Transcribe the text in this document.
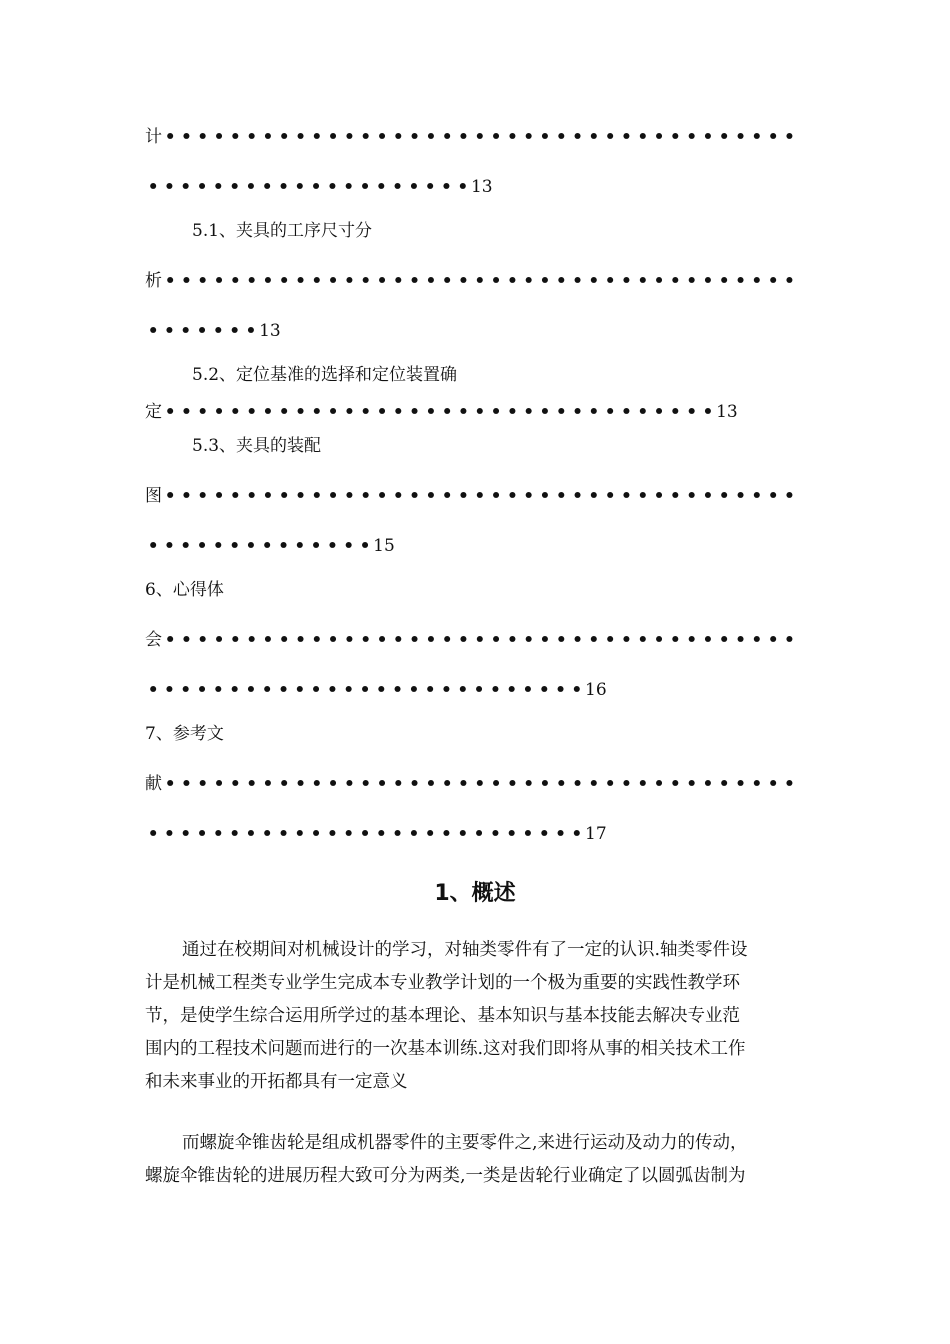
计 • • • • • • • • • • • • • • • • • • • • • • • • • • • • • • • • • • • • • • •
• • • • • • • • • • • • • • • • • • • • 13
5.1、夹具的工序尺寸分
析 • • • • • • • • • • • • • • • • • • • • • • • • • • • • • • • • • • • • • • •
• • • • • • • 13
5.2、定位基准的选择和定位装置确
定 • • • • • • • • • • • • • • • • • • • • • • • • • • • • • • • • • • 13
5.3、夹具的装配
图 • • • • • • • • • • • • • • • • • • • • • • • • • • • • • • • • • • • • • • •
• • • • • • • • • • • • • • 15
6、心得体
会 • • • • • • • • • • • • • • • • • • • • • • • • • • • • • • • • • • • • • • •
• • • • • • • • • • • • • • • • • • • • • • • • • • • 16
7、参考文
献 • • • • • • • • • • • • • • • • • • • • • • • • • • • • • • • • • • • • • • •
• • • • • • • • • • • • • • • • • • • • • • • • • • • 17
1、概述
通过在校期间对机械设计的学习，对轴类零件有了一定的认识.轴类零件设
计是机械工程类专业学生完成本专业教学计划的一个极为重要的实践性教学环
节，是使学生综合运用所学过的基本理论、基本知识与基本技能去解决专业范
围内的工程技术问题而进行的一次基本训练.这对我们即将从事的相关技术工作
和未来事业的开拓都具有一定意义
而螺旋伞锥齿轮是组成机器零件的主要零件之,来进行运动及动力的传动，
螺旋伞锥齿轮的进展历程大致可分为两类,一类是齿轮行业确定了以圆弧齿制为
